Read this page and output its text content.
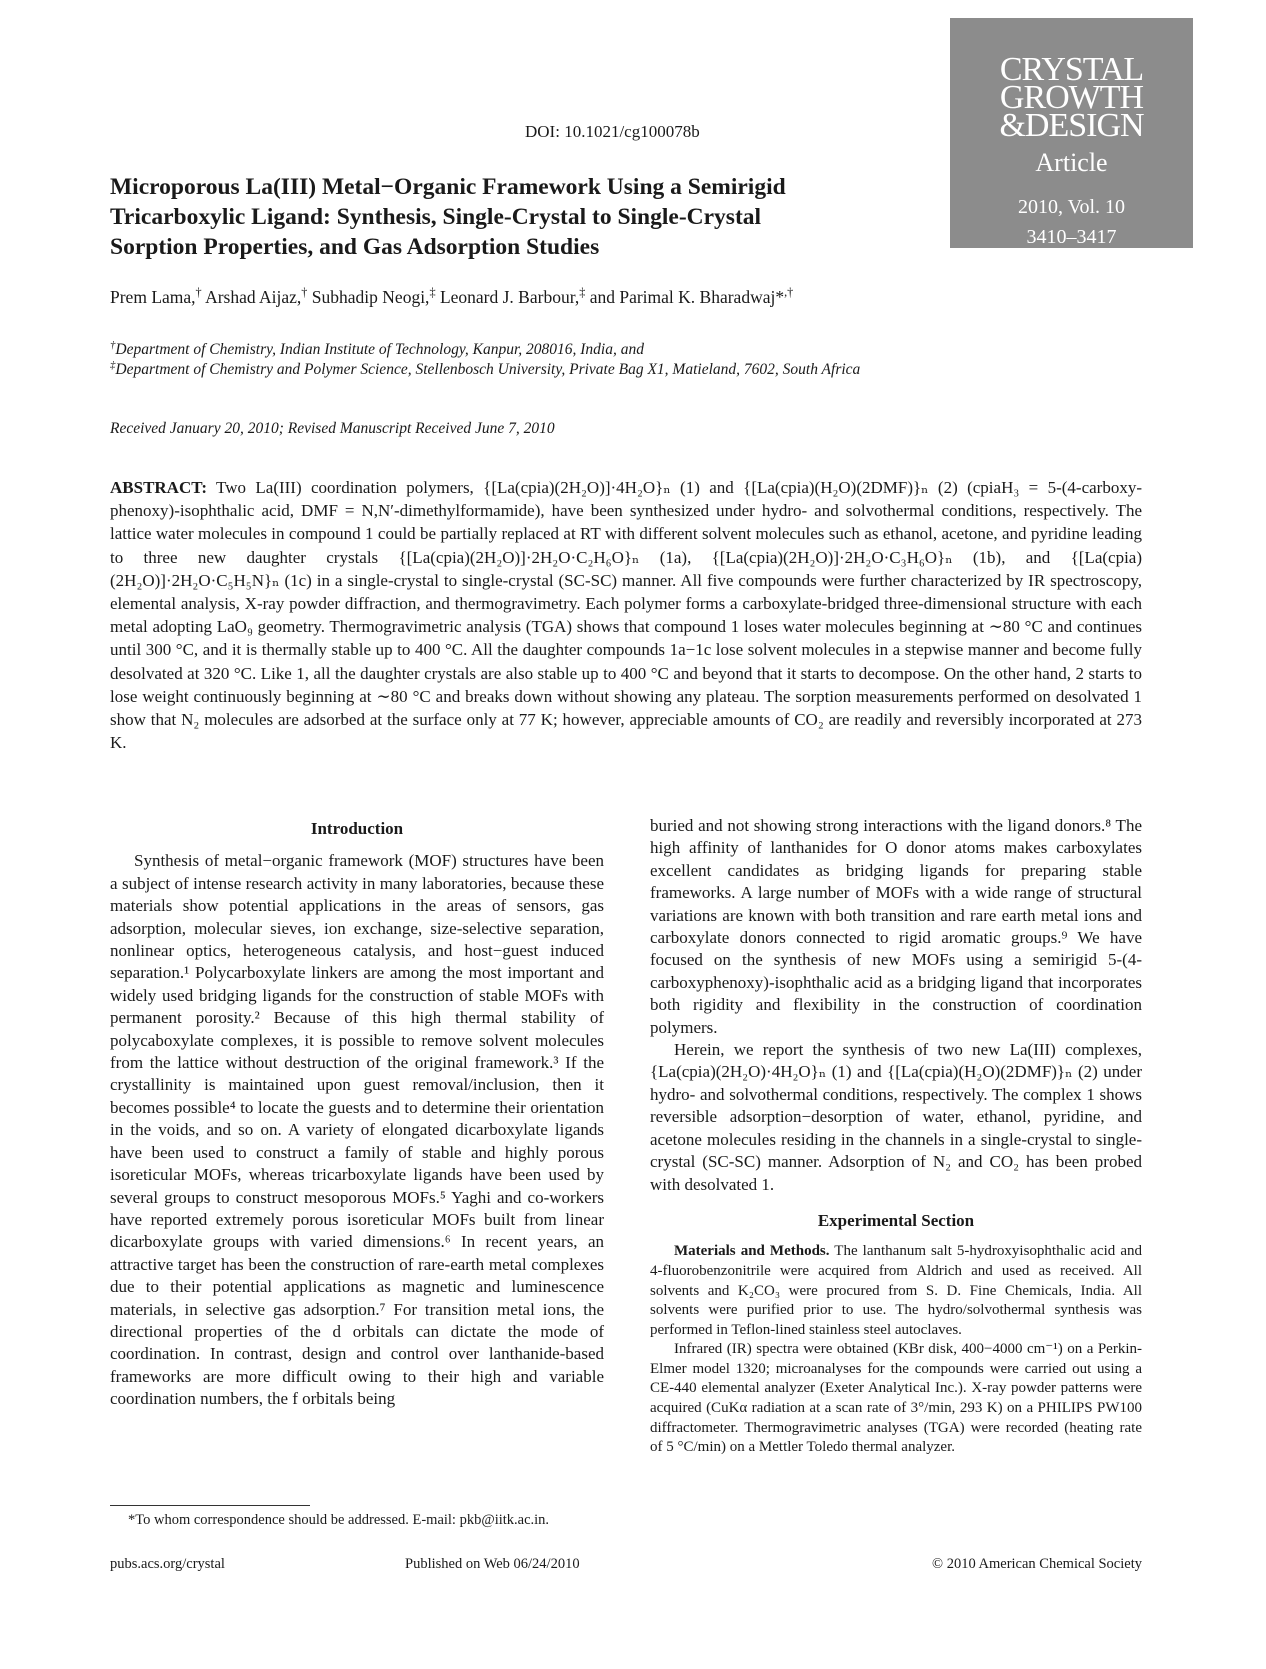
DOI: 10.1021/cg100078b
CRYSTAL
GROWTH
&DESIGN
Article
2010, Vol. 10
3410–3417
Microporous La(III) Metal−Organic Framework Using a Semirigid Tricarboxylic Ligand: Synthesis, Single-Crystal to Single-Crystal Sorption Properties, and Gas Adsorption Studies
Prem Lama,† Arshad Aijaz,† Subhadip Neogi,‡ Leonard J. Barbour,‡ and Parimal K. Bharadwaj*,†
†Department of Chemistry, Indian Institute of Technology, Kanpur, 208016, India, and
‡Department of Chemistry and Polymer Science, Stellenbosch University, Private Bag X1, Matieland, 7602, South Africa
Received January 20, 2010; Revised Manuscript Received June 7, 2010
ABSTRACT: Two La(III) coordination polymers, {[La(cpia)(2H₂O)]·4H₂O}ₙ (1) and {[La(cpia)(H₂O)(2DMF)}ₙ (2) (cpiaH₃ = 5-(4-carboxy-phenoxy)-isophthalic acid, DMF = N,N′-dimethylformamide), have been synthesized under hydro- and solvothermal conditions, respectively. The lattice water molecules in compound 1 could be partially replaced at RT with different solvent molecules such as ethanol, acetone, and pyridine leading to three new daughter crystals {[La(cpia)(2H₂O)]·2H₂O·C₂H₆O}ₙ (1a), {[La(cpia)(2H₂O)]·2H₂O·C₃H₆O}ₙ (1b), and {[La(cpia)(2H₂O)]·2H₂O·C₅H₅N}ₙ (1c) in a single-crystal to single-crystal (SC-SC) manner. All five compounds were further characterized by IR spectroscopy, elemental analysis, X-ray powder diffraction, and thermogravimetry. Each polymer forms a carboxylate-bridged three-dimensional structure with each metal adopting LaO₉ geometry. Thermogravimetric analysis (TGA) shows that compound 1 loses water molecules beginning at ∼80 °C and continues until 300 °C, and it is thermally stable up to 400 °C. All the daughter compounds 1a−1c lose solvent molecules in a stepwise manner and become fully desolvated at 320 °C. Like 1, all the daughter crystals are also stable up to 400 °C and beyond that it starts to decompose. On the other hand, 2 starts to lose weight continuously beginning at ∼80 °C and breaks down without showing any plateau. The sorption measurements performed on desolvated 1 show that N₂ molecules are adsorbed at the surface only at 77 K; however, appreciable amounts of CO₂ are readily and reversibly incorporated at 273 K.
Introduction

Synthesis of metal−organic framework (MOF) structures have been a subject of intense research activity in many laboratories, because these materials show potential applications in the areas of sensors, gas adsorption, molecular sieves, ion exchange, size-selective separation, nonlinear optics, heterogeneous catalysis, and host−guest induced separation.¹ Polycarboxylate linkers are among the most important and widely used bridging ligands for the construction of stable MOFs with permanent porosity.² Because of this high thermal stability of polycaboxylate complexes, it is possible to remove solvent molecules from the lattice without destruction of the original framework.³ If the crystallinity is maintained upon guest removal/inclusion, then it becomes possible⁴ to locate the guests and to determine their orientation in the voids, and so on. A variety of elongated dicarboxylate ligands have been used to construct a family of stable and highly porous isoreticular MOFs, whereas tricarboxylate ligands have been used by several groups to construct mesoporous MOFs.⁵ Yaghi and co-workers have reported extremely porous isoreticular MOFs built from linear dicarboxylate groups with varied dimensions.⁶ In recent years, an attractive target has been the construction of rare-earth metal complexes due to their potential applications as magnetic and luminescence materials, in selective gas adsorption.⁷ For transition metal ions, the directional properties of the d orbitals can dictate the mode of coordination. In contrast, design and control over lanthanide-based frameworks are more difficult owing to their high and variable coordination numbers, the f orbitals being

buried and not showing strong interactions with the ligand donors.⁸ The high affinity of lanthanides for O donor atoms makes carboxylates excellent candidates as bridging ligands for preparing stable frameworks. A large number of MOFs with a wide range of structural variations are known with both transition and rare earth metal ions and carboxylate donors connected to rigid aromatic groups.⁹ We have focused on the synthesis of new MOFs using a semirigid 5-(4-carboxyphenoxy)-isophthalic acid as a bridging ligand that incorporates both rigidity and flexibility in the construction of coordination polymers.

Herein, we report the synthesis of two new La(III) complexes, {La(cpia)(2H₂O)·4H₂O}ₙ (1) and {[La(cpia)(H₂O)(2DMF)}ₙ (2) under hydro- and solvothermal conditions, respectively. The complex 1 shows reversible adsorption−desorption of water, ethanol, pyridine, and acetone molecules residing in the channels in a single-crystal to single-crystal (SC-SC) manner. Adsorption of N₂ and CO₂ has been probed with desolvated 1.

Experimental Section

Materials and Methods. The lanthanum salt 5-hydroxyisophthalic acid and 4-fluorobenzonitrile were acquired from Aldrich and used as received. All solvents and K₂CO₃ were procured from S. D. Fine Chemicals, India. All solvents were purified prior to use. The hydro/solvothermal synthesis was performed in Teflon-lined stainless steel autoclaves.

Infrared (IR) spectra were obtained (KBr disk, 400−4000 cm⁻¹) on a Perkin-Elmer model 1320; microanalyses for the compounds were carried out using a CE-440 elemental analyzer (Exeter Analytical Inc.). X-ray powder patterns were acquired (CuKα radiation at a scan rate of 3°/min, 293 K) on a PHILIPS PW100 diffractometer. Thermogravimetric analyses (TGA) were recorded (heating rate of 5 °C/min) on a Mettler Toledo thermal analyzer.

*To whom correspondence should be addressed. E-mail: pkb@iitk.ac.in.
pubs.acs.org/crystal	Published on Web 06/24/2010	© 2010 American Chemical Society
